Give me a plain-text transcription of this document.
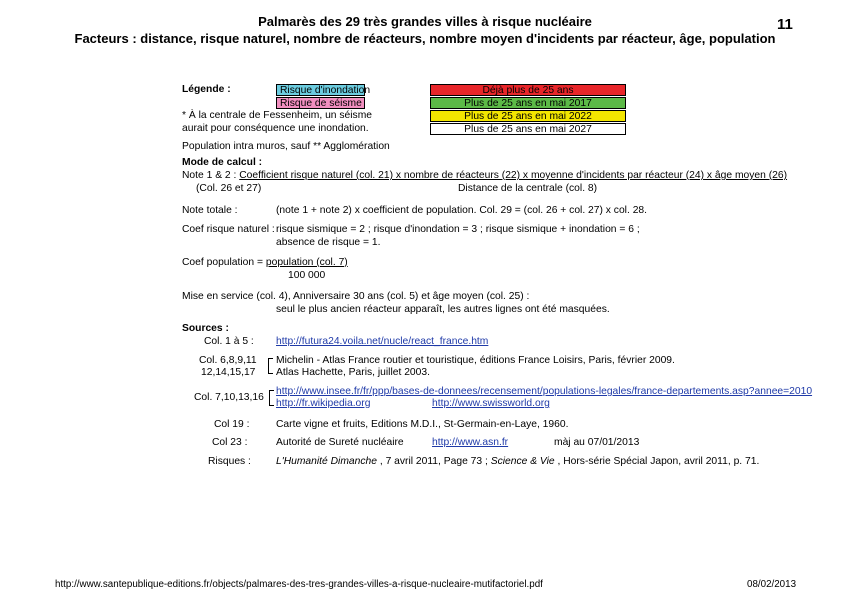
Palmarès des 29 très grandes villes à risque nucléaire
Facteurs : distance, risque naturel, nombre de réacteurs, nombre moyen d'incidents par réacteur, âge, population
11
Légende :	Risque d'inondation
Risque de séisme
Déjà plus de 25 ans
Plus de 25 ans en mai 2017
Plus de 25 ans en mai 2022
Plus de 25 ans en mai 2027
* À la centrale de Fessenheim, un séisme
aurait pour conséquence une inondation.
Population intra muros, sauf ** Agglomération
Mode de calcul :
Note 1 & 2 : Coefficient risque naturel (col. 21) x nombre de réacteurs (22) x moyenne d'incidents par réacteur (24) x âge moyen (26)
(Col. 26 et 27)	Distance de la centrale (col. 8)
Note totale :	(note 1 + note 2) x coefficient de population. Col. 29 = (col. 26 + col. 27) x col. 28.
Coef risque naturel : risque sismique = 2 ; risque d'inondation = 3 ; risque sismique + inondation = 6 ;
absence de risque = 1.
Coef population = population (col. 7)
100 000
Mise en service (col. 4), Anniversaire 30 ans (col. 5) et âge moyen (col. 25) :
seul le plus ancien réacteur apparaît, les autres lignes ont été masquées.
Sources :
Col. 1 à 5 : http://futura24.voila.net/nucle/react_france.htm
Col. 6,8,9,11
12,14,15,17
Michelin - Atlas France routier et touristique, éditions France Loisirs, Paris, février 2009.
Atlas Hachette, Paris, juillet 2003.
Col. 7,10,13,16
http://www.insee.fr/fr/ppp/bases-de-donnees/recensement/populations-legales/france-departements.asp?annee=2010
http://fr.wikipedia.org	http://www.swissworld.org
Col 19 :	Carte vigne et fruits, Editions M.D.I., St-Germain-en-Laye, 1960.
Col 23 :	Autorité de Sureté nucléaire	http://www.asn.fr	màj au 07/01/2013
Risques : L'Humanité Dimanche , 7 avril 2011, Page 73 ; Science & Vie , Hors-série Spécial Japon, avril 2011, p. 71.
http://www.santepublique-editions.fr/objects/palmares-des-tres-grandes-villes-a-risque-nucleaire-mutifactoriel.pdf	08/02/2013
